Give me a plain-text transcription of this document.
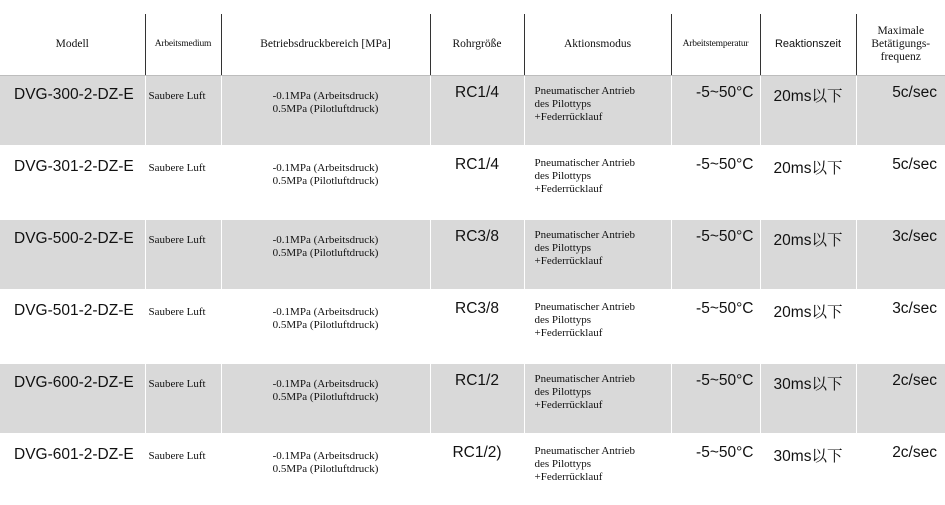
Modell	Arbeitsmedium	Betriebsdruckbereich [MPa]	Rohrgröße	Aktionsmodus	Arbeitstemperatur	Reaktionszeit	Maximale
Betätigungs-
frequenz

DVG-300-2-DZ-E	Saubere Luft	-0.1MPa (Arbeitsdruck)
0.5MPa (Pilotluftdruck)	RC1/4	Pneumatischer Antrieb
des Pilottyps
+Federrücklauf	-5~50°C	20ms以下	5c/sec

DVG-301-2-DZ-E	Saubere Luft	-0.1MPa (Arbeitsdruck)
0.5MPa (Pilotluftdruck)	RC1/4	Pneumatischer Antrieb
des Pilottyps
+Federrücklauf	-5~50°C	20ms以下	5c/sec

DVG-500-2-DZ-E	Saubere Luft	-0.1MPa (Arbeitsdruck)
0.5MPa (Pilotluftdruck)	RC3/8	Pneumatischer Antrieb
des Pilottyps
+Federrücklauf	-5~50°C	20ms以下	3c/sec

DVG-501-2-DZ-E	Saubere Luft	-0.1MPa (Arbeitsdruck)
0.5MPa (Pilotluftdruck)	RC3/8	Pneumatischer Antrieb
des Pilottyps
+Federrücklauf	-5~50°C	20ms以下	3c/sec

DVG-600-2-DZ-E	Saubere Luft	-0.1MPa (Arbeitsdruck)
0.5MPa (Pilotluftdruck)	RC1/2	Pneumatischer Antrieb
des Pilottyps
+Federrücklauf	-5~50°C	30ms以下	2c/sec

DVG-601-2-DZ-E	Saubere Luft	-0.1MPa (Arbeitsdruck)
0.5MPa (Pilotluftdruck)	RC1/2)	Pneumatischer Antrieb
des Pilottyps
+Federrücklauf	-5~50°C	30ms以下	2c/sec
